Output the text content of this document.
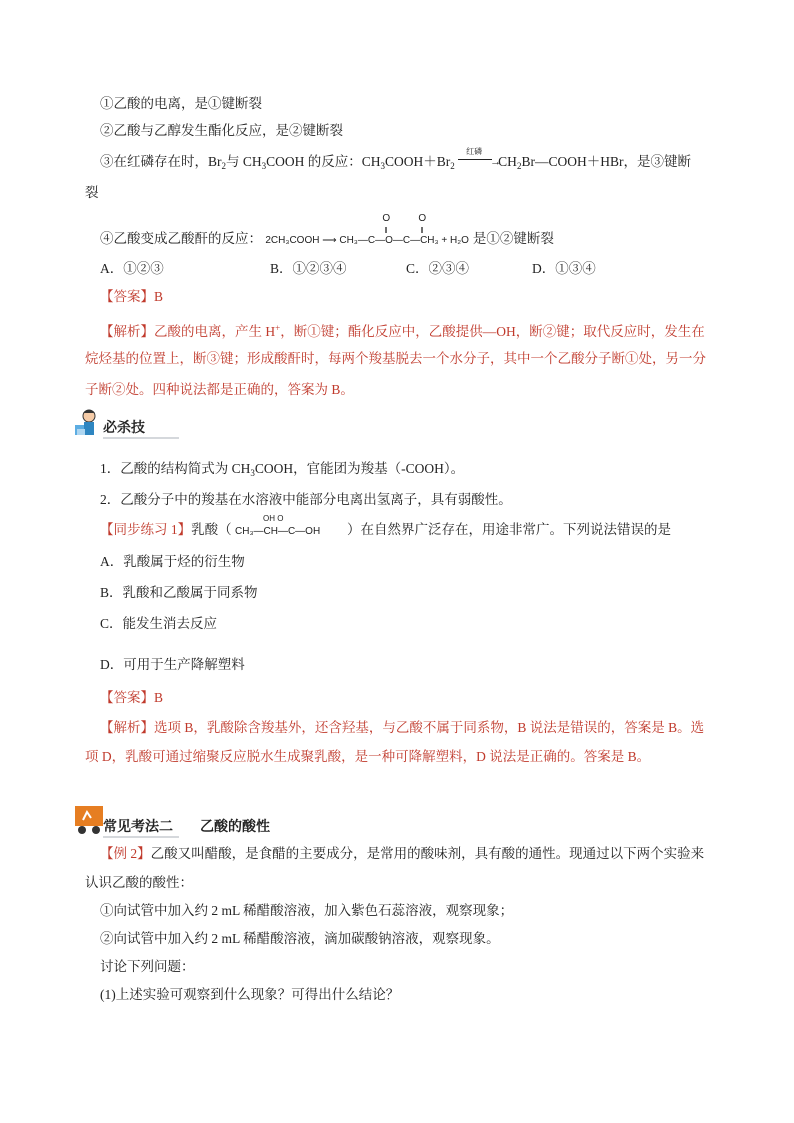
①乙酸的电离，是①键断裂
②乙酸与乙醇发生酯化反应，是②键断裂
③在红磷存在时，$Br_2$与 $CH_3COOH$ 的反应：$CH_3COOH+Br_2$
红磷
→
$CH_2Br—COOH+HBr$，是③键断
裂
④乙酸变成乙酸酐的反应：
O
‖
O
‖
2CH₃COOH ⟶ CH₃—C—O—C—CH₃ + H₂O 是①②键断裂
A．①②③	B．①②③④	C．②③④	D．①③④
【答案】B
【解析】乙酸的电离，产生 H+，断①键；酯化反应中，乙酸提供—OH，断②键；取代反应时，发生在
烷烃基的位置上，断③键；形成酸酐时，每两个羧基脱去一个水分子，其中一个乙酸分子断①处，另一分
子断②处。四种说法都是正确的，答案为 B。
必杀技
1．乙酸的结构简式为 $CH_3COOH$，官能团为羧基（-COOH）。
2．乙酸分子中的羧基在水溶液中能部分电离出氢离子，具有弱酸性。
【同步练习 1】乳酸（
OH O
CH₃—CH—C—OH ）在自然界广泛存在，用途非常广。下列说法错误的是
A．乳酸属于烃的衍生物
B．乳酸和乙酸属于同系物
C．能发生消去反应
D．可用于生产降解塑料
【答案】B
【解析】选项 B，乳酸除含羧基外，还含羟基，与乙酸不属于同系物，B 说法是错误的，答案是 B。选
项 D，乳酸可通过缩聚反应脱水生成聚乳酸，是一种可降解塑料，D 说法是正确的。答案是 B。
常见考法二 乙酸的酸性
【例 2】乙酸又叫醋酸，是食醋的主要成分，是常用的酸味剂，具有酸的通性。现通过以下两个实验来
认识乙酸的酸性：
①向试管中加入约 2 mL 稀醋酸溶液，加入紫色石蕊溶液，观察现象；
②向试管中加入约 2 mL 稀醋酸溶液，滴加碳酸钠溶液，观察现象。
讨论下列问题：
(1)上述实验可观察到什么现象？可得出什么结论？
